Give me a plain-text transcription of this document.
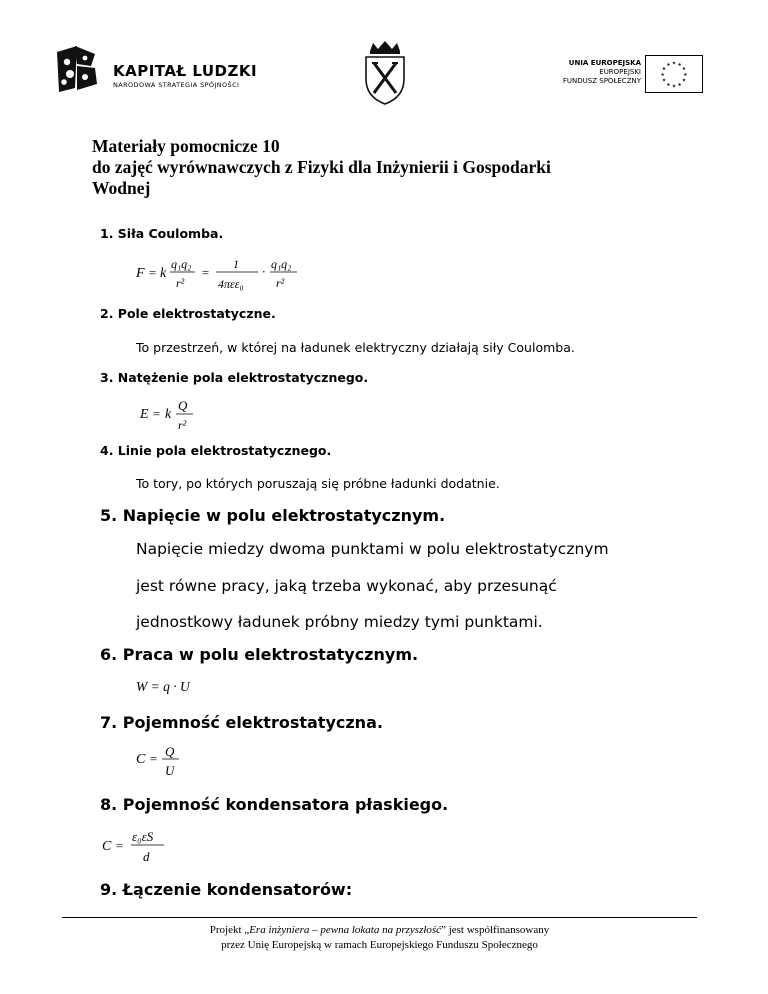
KAPITAŁ LUDZKI
NARODOWA STRATEGIA SPÓJNOŚCI
UNIA EUROPEJSKA
EUROPEJSKI
FUNDUSZ SPOŁECZNY
★ ★
★
★
★
★
★
★
★
★
★
★
Materiały pomocnicze 10
do zajęć wyrównawczych z Fizyki dla Inżynierii i Gospodarki
Wodnej
1. Siła Coulomba.
F = k
q₁q₂
r²
=
1
4πεε₀
· q₁q₂
r²
2. Pole elektrostatyczne.
To przestrzeń, w której na ładunek elektryczny działają siły Coulomba.
3. Natężenie pola elektrostatycznego.
E = k
Q
r²
4. Linie pola elektrostatycznego.
To tory, po których poruszają się próbne ładunki dodatnie.
5. Napięcie w polu elektrostatycznym.
Napięcie miedzy dwoma punktami w polu elektrostatycznym
jest równe pracy, jaką trzeba wykonać, aby przesunąć
jednostkowy ładunek próbny miedzy tymi punktami.
6. Praca w polu elektrostatycznym.
W = q · U
7. Pojemność elektrostatyczna.
C = Q
U
8. Pojemność kondensatora płaskiego.
C =
ε₀εS
d
9. Łączenie kondensatorów:
Projekt „Era inżyniera – pewna lokata na przyszłość” jest współfinansowany
przez Unię Europejską w ramach Europejskiego Funduszu Społecznego
